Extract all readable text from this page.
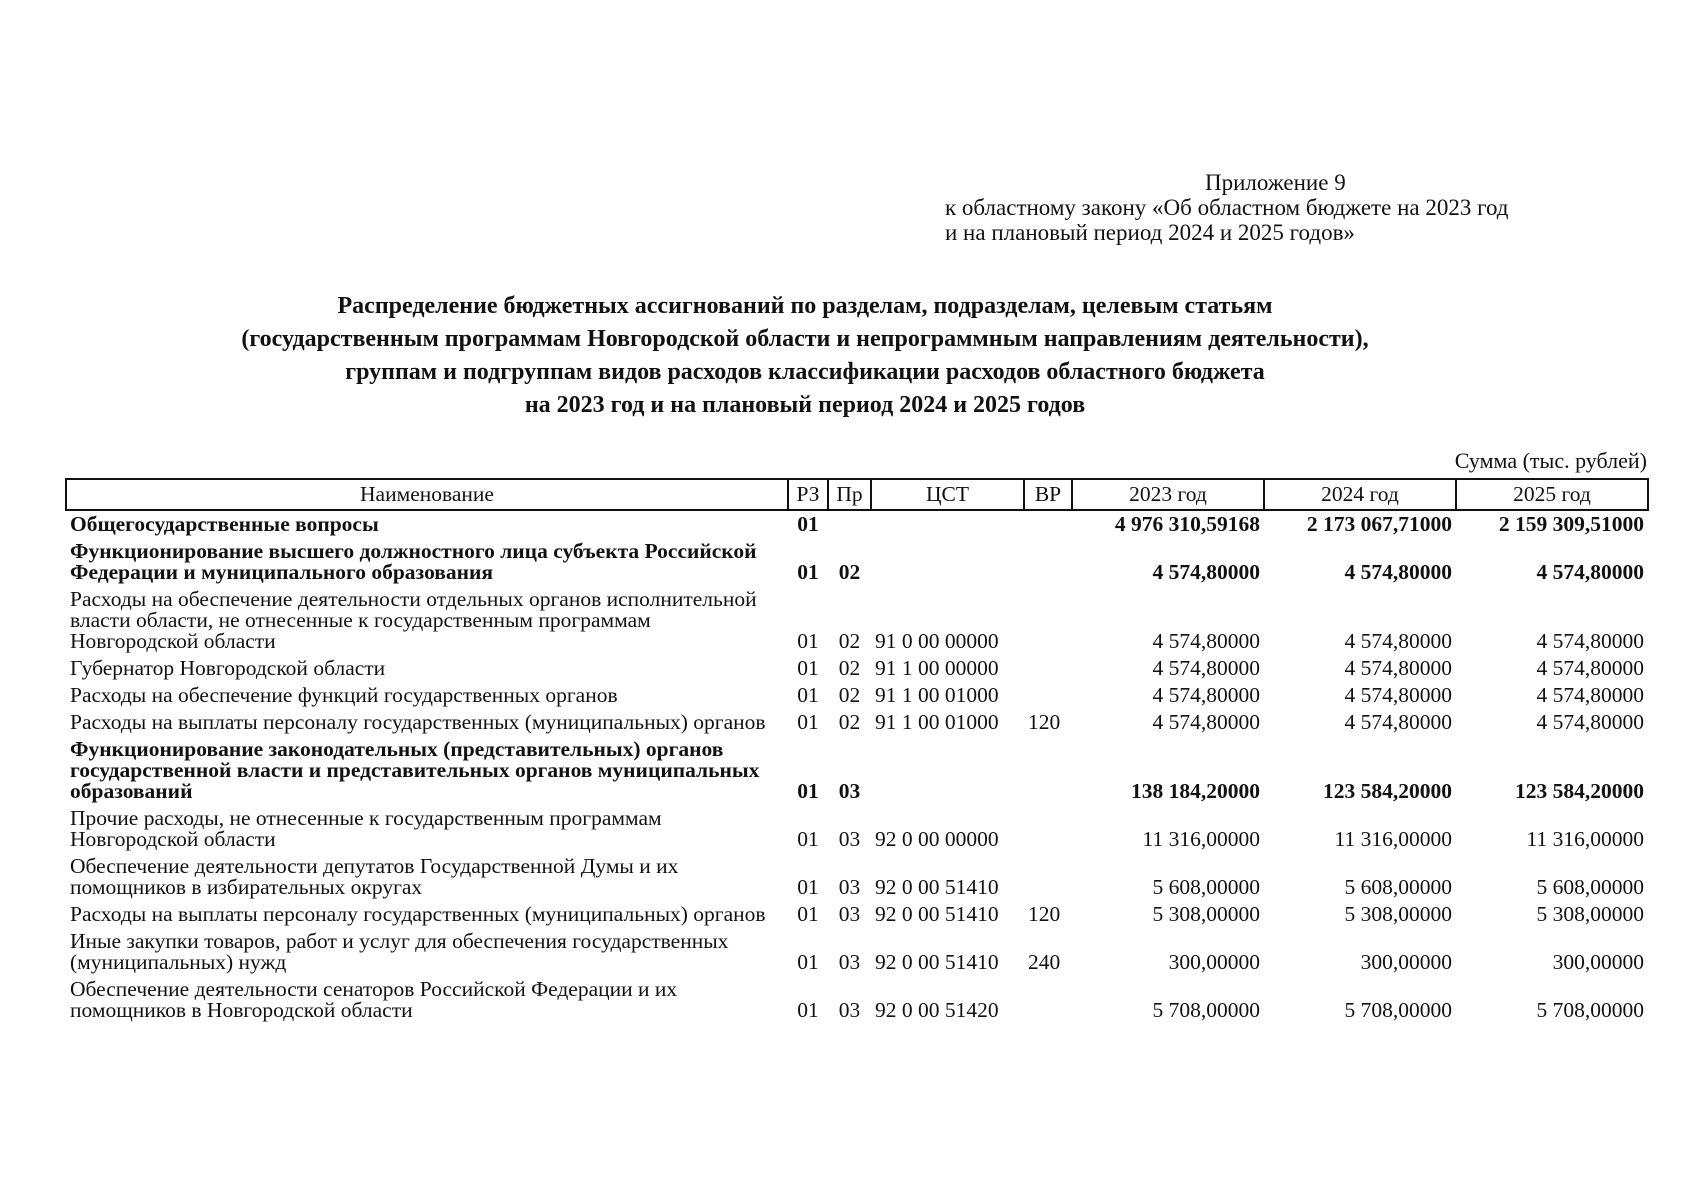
Приложение 9
к областному закону «Об областном бюджете на 2023 год
и на плановый период 2024 и 2025 годов»
Распределение бюджетных ассигнований по разделам, подразделам, целевым статьям
(государственным программам Новгородской области и непрограммным направлениям деятельности),
группам и подгруппам видов расходов классификации расходов областного бюджета
на 2023 год и на плановый период 2024 и 2025 годов
Сумма (тыс. рублей)
Наименование	РЗ	Пр	ЦСТ	ВР	2023 год	2024 год	2025 год
Общегосударственные вопросы	01				4 976 310,59168	2 173 067,71000	2 159 309,51000
Функционирование высшего должностного лица субъекта Российской Федерации и муниципального образования	01	02			4 574,80000	4 574,80000	4 574,80000
Расходы на обеспечение деятельности отдельных органов исполнительной власти области, не отнесенные к государственным программам Новгородской области	01	02	91 0 00 00000		4 574,80000	4 574,80000	4 574,80000
Губернатор Новгородской области	01	02	91 1 00 00000		4 574,80000	4 574,80000	4 574,80000
Расходы на обеспечение функций государственных органов	01	02	91 1 00 01000		4 574,80000	4 574,80000	4 574,80000
Расходы на выплаты персоналу государственных (муниципальных) органов	01	02	91 1 00 01000	120	4 574,80000	4 574,80000	4 574,80000
Функционирование законодательных (представительных) органов государственной власти и представительных органов муниципальных образований	01	03			138 184,20000	123 584,20000	123 584,20000
Прочие расходы, не отнесенные к государственным программам Новгородской области	01	03	92 0 00 00000		11 316,00000	11 316,00000	11 316,00000
Обеспечение деятельности депутатов Государственной Думы и их помощников в избирательных округах	01	03	92 0 00 51410		5 608,00000	5 608,00000	5 608,00000
Расходы на выплаты персоналу государственных (муниципальных) органов	01	03	92 0 00 51410	120	5 308,00000	5 308,00000	5 308,00000
Иные закупки товаров, работ и услуг для обеспечения государственных (муниципальных) нужд	01	03	92 0 00 51410	240	300,00000	300,00000	300,00000
Обеспечение деятельности сенаторов Российской Федерации и их помощников в Новгородской области	01	03	92 0 00 51420		5 708,00000	5 708,00000	5 708,00000
